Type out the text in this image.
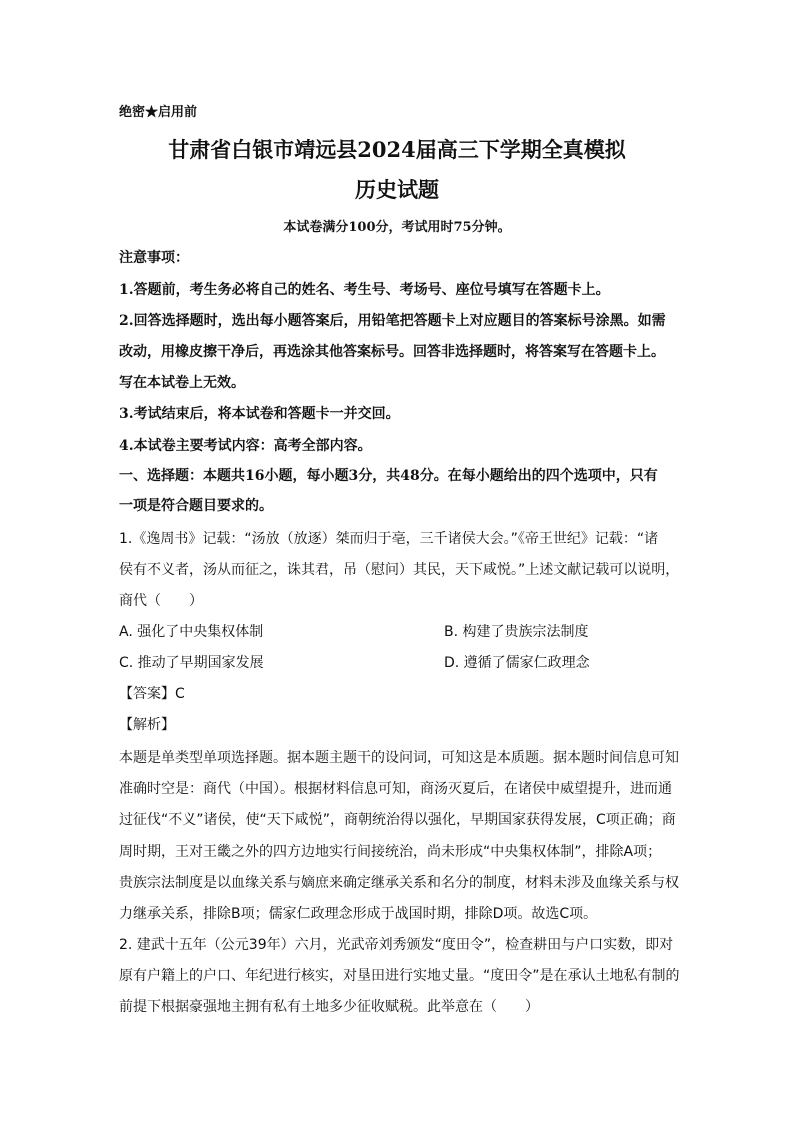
绝密★启用前
甘肃省白银市靖远县2024届高三下学期全真模拟
历史试题
本试卷满分100分，考试用时75分钟。
注意事项：
1.答题前，考生务必将自己的姓名、考生号、考场号、座位号填写在答题卡上。
2.回答选择题时，选出每小题答案后，用铅笔把答题卡上对应题目的答案标号涂黑。如需
改动，用橡皮擦干净后，再选涂其他答案标号。回答非选择题时，将答案写在答题卡上。
写在本试卷上无效。
3.考试结束后，将本试卷和答题卡一并交回。
4.本试卷主要考试内容：高考全部内容。
一、选择题：本题共16小题，每小题3分，共48分。在每小题给出的四个选项中，只有
一项是符合题目要求的。
1.《逸周书》记载：“汤放（放逐）桀而归于亳，三千诸侯大会。”《帝王世纪》记载：“诸
侯有不义者，汤从而征之，诛其君，吊（慰问）其民，天下咸悦。”上述文献记载可以说明，
商代（　　）
A. 强化了中央集权体制	B. 构建了贵族宗法制度
C. 推动了早期国家发展	D. 遵循了儒家仁政理念
【答案】C
【解析】
本题是单类型单项选择题。据本题主题干的设问词，可知这是本质题。据本题时间信息可知
准确时空是：商代（中国）。根据材料信息可知，商汤灭夏后，在诸侯中威望提升，进而通
过征伐“不义”诸侯，使“天下咸悦”，商朝统治得以强化，早期国家获得发展，C项正确；商
周时期，王对王畿之外的四方边地实行间接统治，尚未形成“中央集权体制”，排除A项；
贵族宗法制度是以血缘关系与嫡庶来确定继承关系和名分的制度，材料未涉及血缘关系与权
力继承关系，排除B项；儒家仁政理念形成于战国时期，排除D项。故选C项。
2. 建武十五年（公元39年）六月，光武帝刘秀颁发“度田令”，检查耕田与户口实数，即对
原有户籍上的户口、年纪进行核实，对垦田进行实地丈量。“度田令”是在承认土地私有制的
前提下根据豪强地主拥有私有土地多少征收赋税。此举意在（　　）
